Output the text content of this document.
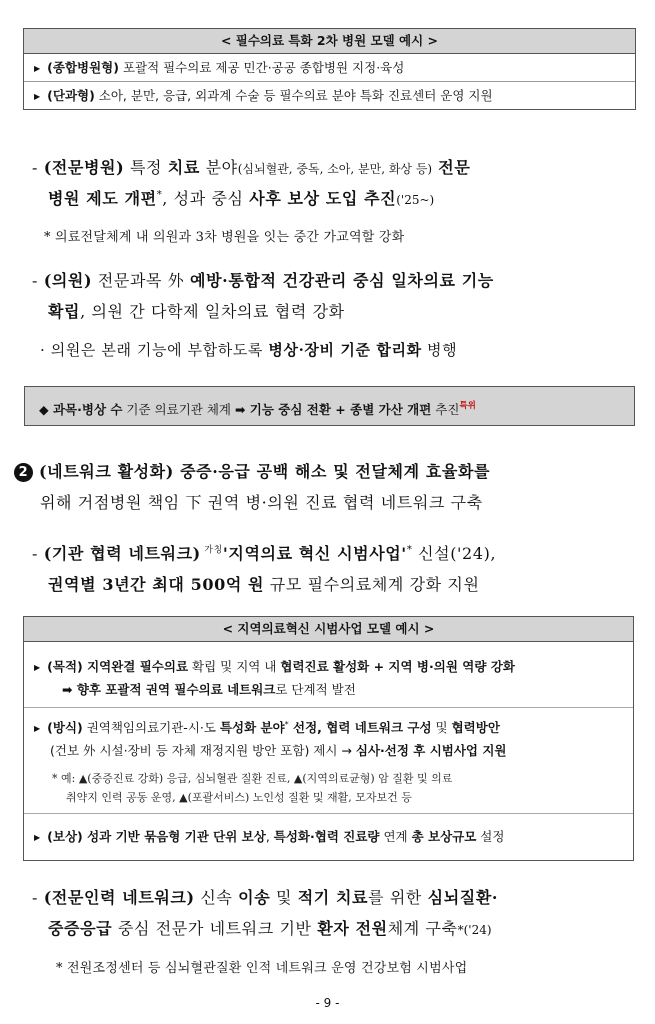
< 필수의료 특화 2차 병원 모델 예시 >
▶ (종합병원형) 포괄적 필수의료 제공 민간·공공 종합병원 지정·육성
▶ (단과형) 소아, 분만, 응급, 외과계 수술 등 필수의료 분야 특화 진료센터 운영 지원
- (전문병원) 특정 치료 분야(심뇌혈관, 중독, 소아, 분만, 화상 등) 전문
병원 제도 개편*, 성과 중심 사후 보상 도입 추진('25~)
* 의료전달체계 내 의원과 3차 병원을 잇는 중간 가교역할 강화
- (의원) 전문과목 外 예방·통합적 건강관리 중심 일차의료 기능
확립, 의원 간 다학제 일차의료 협력 강화
· 의원은 본래 기능에 부합하도록 병상·장비 기준 합리화 병행
◆ 과목·병상 수 기준 의료기관 체계 ➡ 기능 중심 전환 + 종별 가산 개편 추진$^{특위}$
2 (네트워크 활성화) 중증·응급 공백 해소 및 전달체계 효율화를
위해 거점병원 책임 下 권역 병·의원 진료 협력 네트워크 구축
- (기관 협력 네트워크) $^{가칭}$'지역의료 혁신 시범사업'* 신설('24),
권역별 3년간 최대 500억 원 규모 필수의료체계 강화 지원
< 지역의료혁신 시범사업 모델 예시 >
▶ (목적) 지역완결 필수의료 확립 및 지역 내 협력진료 활성화 + 지역 병·의원 역량 강화
➡ 향후 포괄적 권역 필수의료 네트워크로 단계적 발전
▶ (방식) 권역책임의료기관-시·도 특성화 분야* 선정, 협력 네트워크 구성 및 협력방안
(건보 外 시설·장비 등 자체 재정지원 방안 포함) 제시 → 심사·선정 후 시범사업 지원
* 예: ▲(중증진료 강화) 응급, 심뇌혈관 질환 진료, ▲(지역의료균형) 암 질환 및 의료
취약지 인력 공동 운영, ▲(포괄서비스) 노인성 질환 및 재활, 모자보건 등
▶ (보상) 성과 기반 묶음형 기관 단위 보상, 특성화·협력 진료량 연계 총 보상규모 설정
- (전문인력 네트워크) 신속 이송 및 적기 치료를 위한 심뇌질환·
중증응급 중심 전문가 네트워크 기반 환자 전원체계 구축*('24)
* 전원조정센터 등 심뇌혈관질환 인적 네트워크 운영 건강보험 시범사업
- 9 -
